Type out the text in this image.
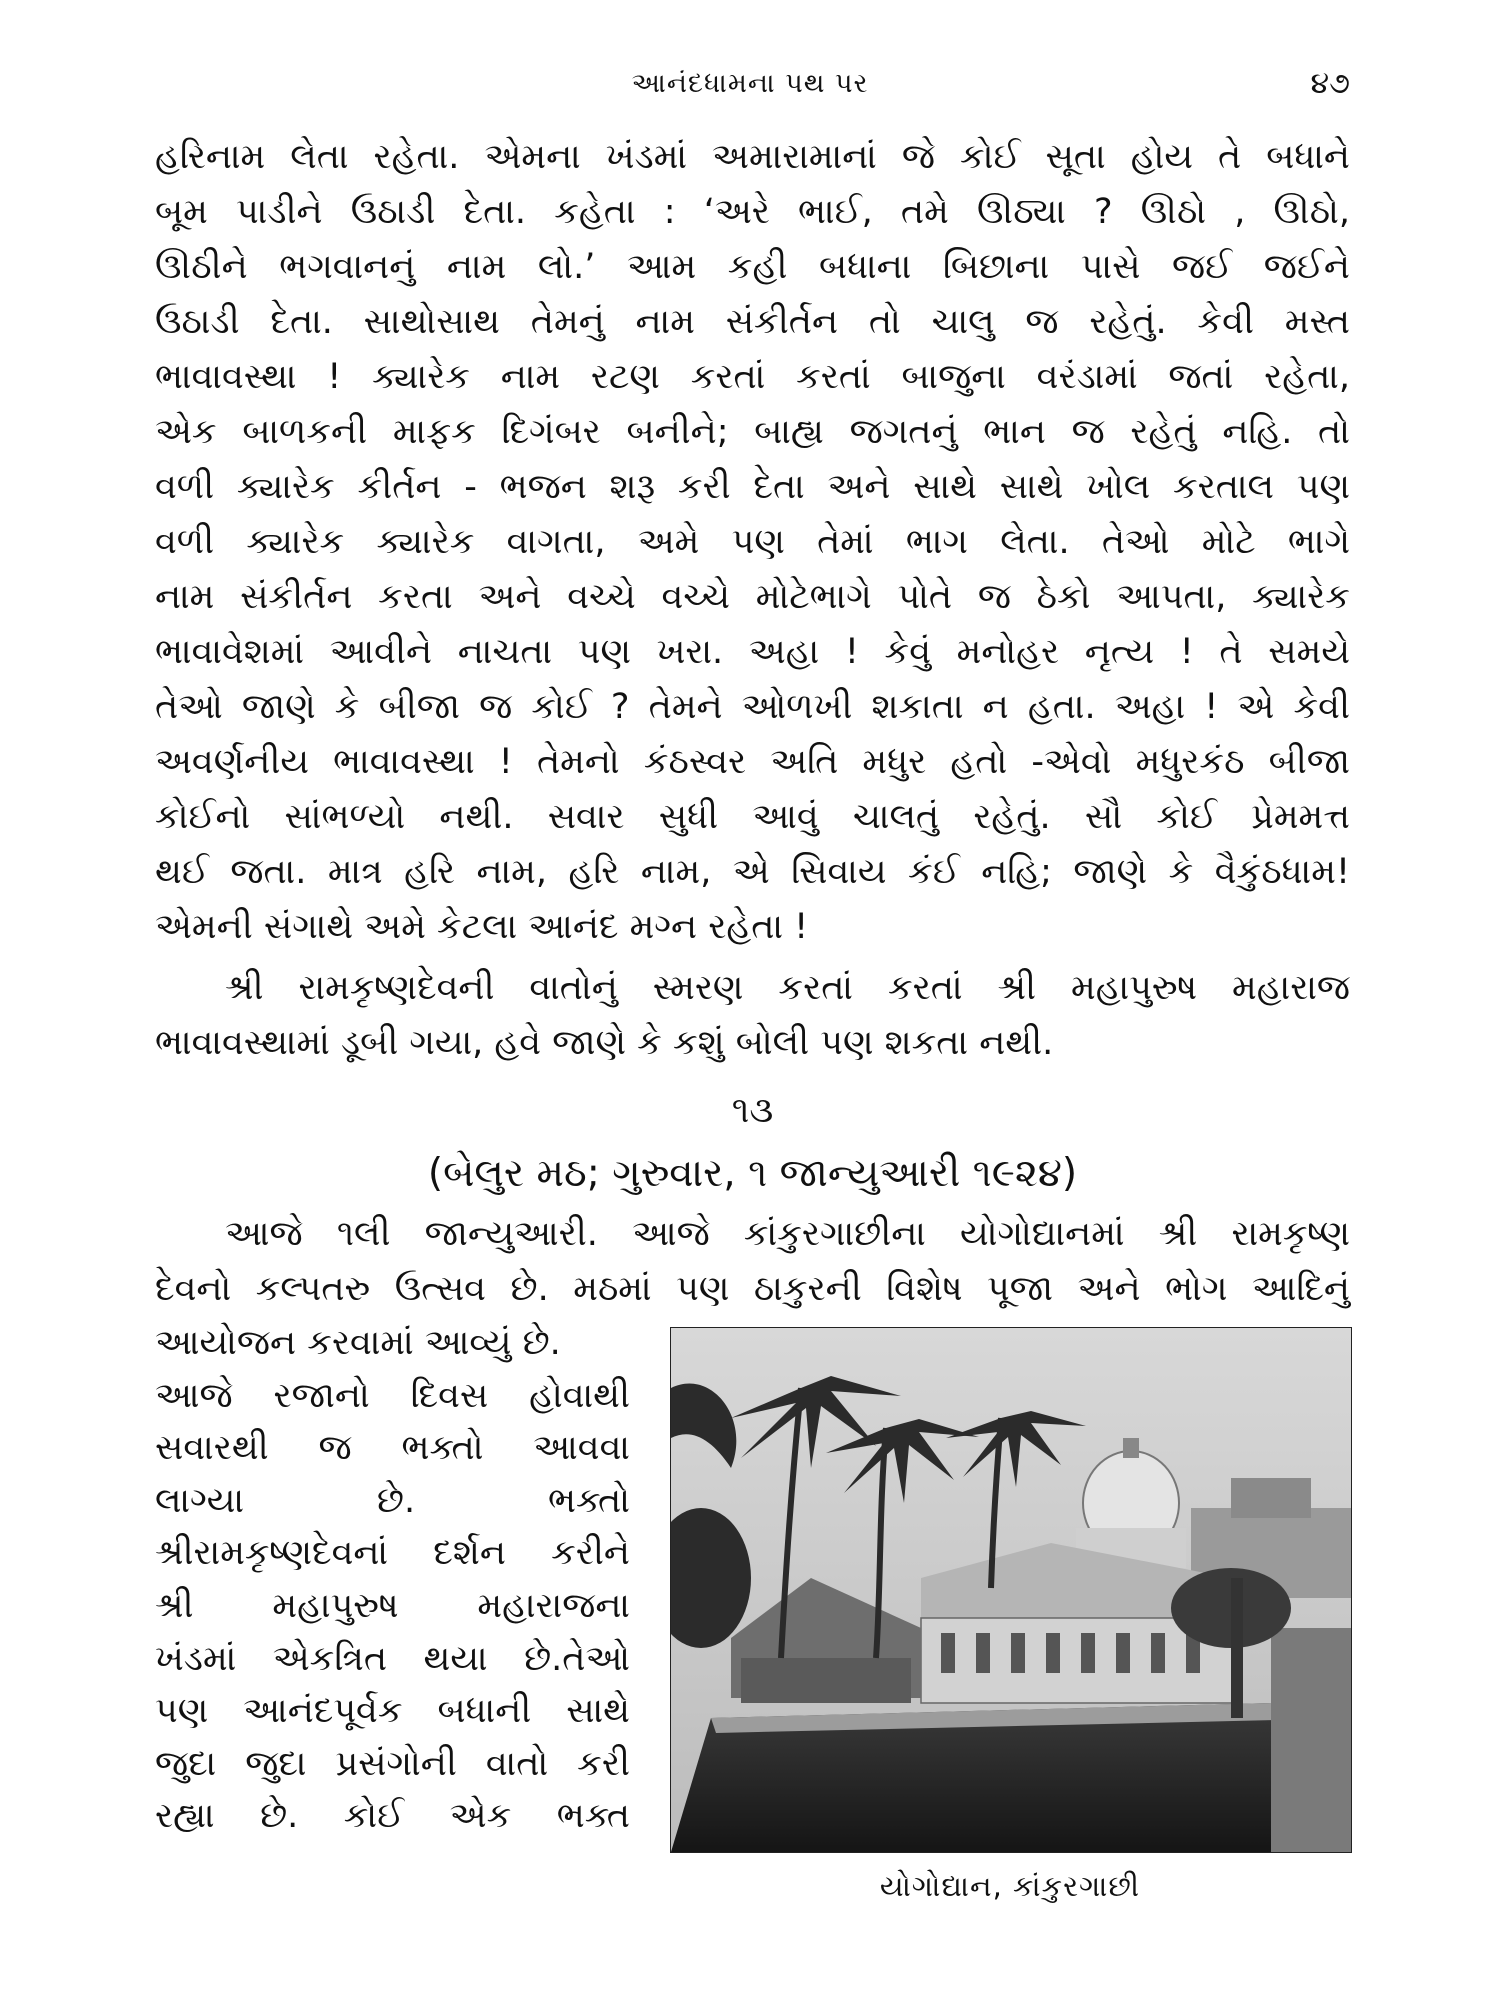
આનંદધામના પથ પર	૪૭

હરિનામ લેતા રહેતા. એમના ખંડમાં અમારામાનાં જે કોઈ સૂતા હોય તે બધાને
બૂમ પાડીને ઉઠાડી દેતા. કહેતા : ‘અરે ભાઈ, તમે ઊઠ્યા ? ઊઠો , ઊઠો,
ઊઠીને ભગવાનનું નામ લો.’ આમ કહી બધાના બિછાના પાસે જઈ જઈને
ઉઠાડી દેતા. સાથોસાથ તેમનું નામ સંકીર્તન તો ચાલુ જ રહેતું. કેવી મસ્ત
ભાવાવસ્થા ! ક્યારેક નામ રટણ કરતાં કરતાં બાજુના વરંડામાં જતાં રહેતા,
એક બાળકની માફક દિગંબર બનીને; બાહ્ય જગતનું ભાન જ રહેતું નહિ. તો
વળી ક્યારેક કીર્તન - ભજન શરૂ કરી દેતા અને સાથે સાથે ખોલ કરતાલ પણ
વળી ક્યારેક ક્યારેક વાગતા, અમે પણ તેમાં ભાગ લેતા. તેઓ મોટે ભાગે
નામ સંકીર્તન કરતા અને વચ્ચે વચ્ચે મોટેભાગે પોતે જ ઠેકો આપતા, ક્યારેક
ભાવાવેશમાં આવીને નાચતા પણ ખરા. અહા ! કેવું મનોહર નૃત્ય ! તે સમયે
તેઓ જાણે કે બીજા જ કોઈ ? તેમને ઓળખી શકાતા ન હતા. અહા ! એ કેવી
અવર્ણનીય ભાવાવસ્થા ! તેમનો કંઠસ્વર અતિ મધુર હતો -એવો મધુરકંઠ બીજા
કોઈનો સાંભળ્યો નથી. સવાર સુધી આવું ચાલતું રહેતું. સૌ કોઈ પ્રેમમત્ત
થઈ જતા. માત્ર હરિ નામ, હરિ નામ, એ સિવાય કંઈ નહિ; જાણે કે વૈકુંઠધામ!
એમની સંગાથે અમે કેટલા આનંદ મગ્ન રહેતા !

શ્રી રામકૃષ્ણદેવની વાતોનું સ્મરણ કરતાં કરતાં શ્રી મહાપુરુષ મહારાજ
ભાવાવસ્થામાં ડૂબી ગયા, હવે જાણે કે કશું બોલી પણ શકતા નથી.

૧૩
(બેલુર મઠ; ગુરુવાર, ૧ જાન્યુઆરી ૧૯૨૪)

આજે ૧લી જાન્યુઆરી. આજે કાંકુરગાછીના યોગોદ્યાનમાં શ્રી રામકૃષ્ણ
દેવનો કલ્પતરુ ઉત્સવ છે. મઠમાં પણ ઠાકુરની વિશેષ પૂજા અને ભોગ આદિનું

આયોજન કરવામાં આવ્યું છે.
આજે રજાનો દિવસ હોવાથી
સવારથી જ ભક્તો આવવા
લાગ્યા છે. ભક્તો
શ્રીરામકૃષ્ણદેવનાં દર્શન કરીને
શ્રી મહાપુરુષ મહારાજના
ખંડમાં એકત્રિત થયા છે.તેઓ
પણ આનંદપૂર્વક બધાની સાથે
જુદા જુદા પ્રસંગોની વાતો કરી
રહ્યા છે. કોઈ એક ભક્ત
યોગોદ્યાન, કાંકુરગાછી
